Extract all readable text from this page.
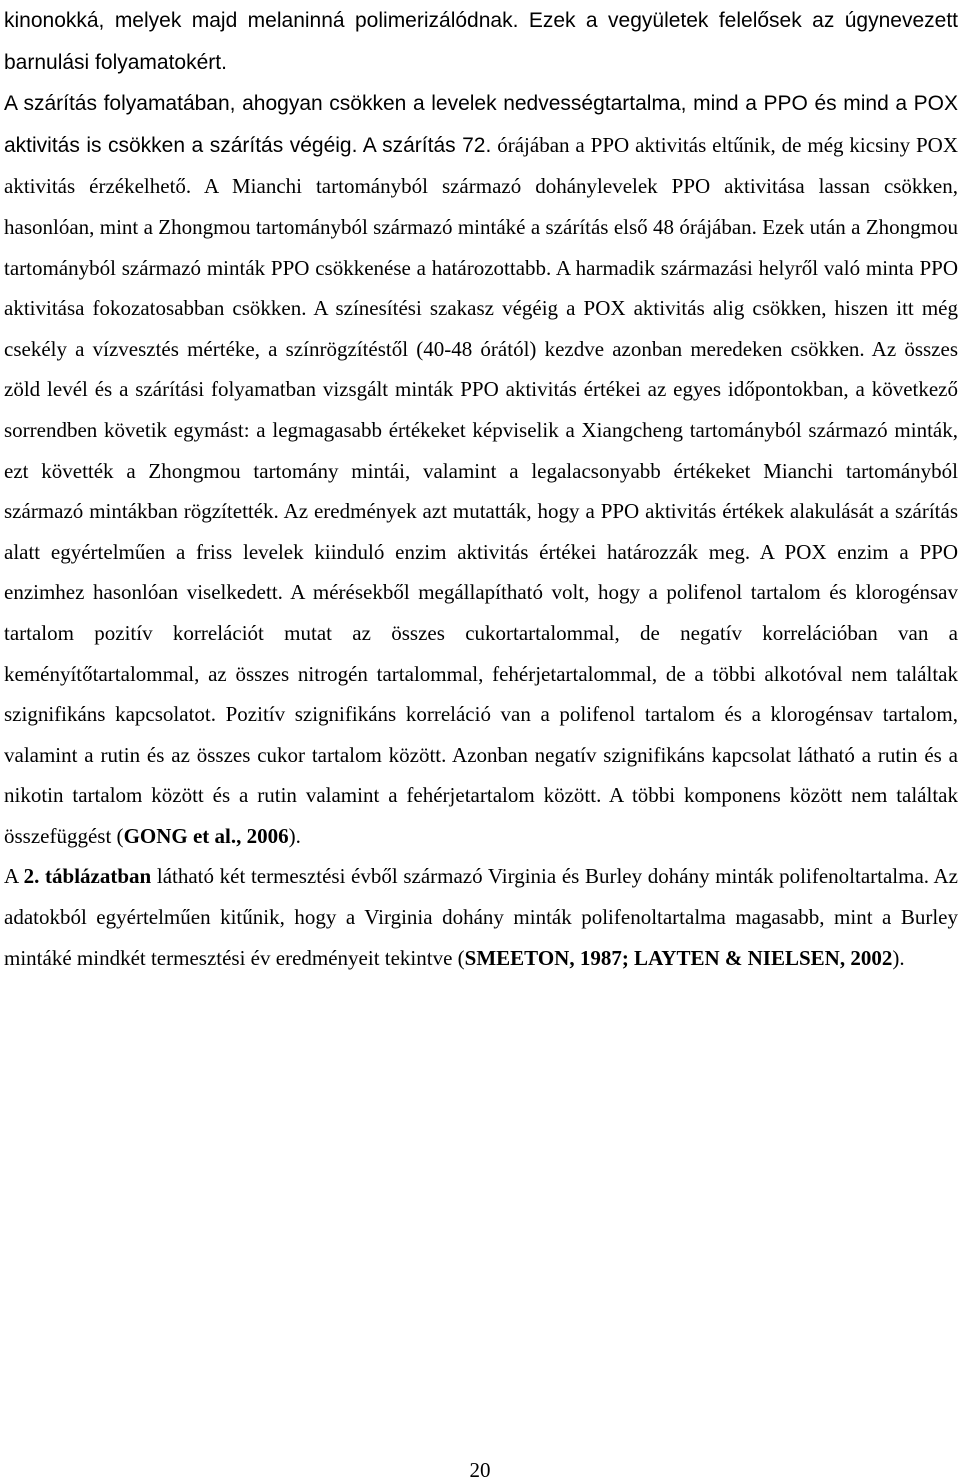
kinonokká, melyek majd melaninná polimerizálódnak. Ezek a vegyületek felelősek az úgynevezett barnulási folyamatokért.
A szárítás folyamatában, ahogyan csökken a levelek nedvességtartalma, mind a PPO és mind a POX aktivitás is csökken a szárítás végéig. A szárítás 72. órájában a PPO aktivitás eltűnik, de még kicsiny POX aktivitás érzékelhető. A Mianchi tartományból származó dohánylevelek PPO aktivitása lassan csökken, hasonlóan, mint a Zhongmou tartományból származó mintáké a szárítás első 48 órájában. Ezek után a Zhongmou tartományból származó minták PPO csökkenése a határozottabb. A harmadik származási helyről való minta PPO aktivitása fokozatosabban csökken. A színesítési szakasz végéig a POX aktivitás alig csökken, hiszen itt még csekély a vízvesztés mértéke, a színrögzítéstől (40-48 órától) kezdve azonban meredeken csökken. Az összes zöld levél és a szárítási folyamatban vizsgált minták PPO aktivitás értékei az egyes időpontokban, a következő sorrendben követik egymást: a legmagasabb értékeket képviselik a Xiangcheng tartományból származó minták, ezt követték a Zhongmou tartomány mintái, valamint a legalacsonyabb értékeket Mianchi tartományból származó mintákban rögzítették. Az eredmények azt mutatták, hogy a PPO aktivitás értékek alakulását a szárítás alatt egyértelműen a friss levelek kiinduló enzim aktivitás értékei határozzák meg. A POX enzim a PPO enzimhez hasonlóan viselkedett. A mérésekből megállapítható volt, hogy a polifenol tartalom és klorogénsav tartalom pozitív korrelációt mutat az összes cukortartalommal, de negatív korrelációban van a keményítőtartalommal, az összes nitrogén tartalommal, fehérjetartalommal, de a többi alkotóval nem találtak szignifikáns kapcsolatot. Pozitív szignifikáns korreláció van a polifenol tartalom és a klorogénsav tartalom, valamint a rutin és az összes cukor tartalom között. Azonban negatív szignifikáns kapcsolat látható a rutin és a nikotin tartalom között és a rutin valamint a fehérjetartalom között. A többi komponens között nem találtak összefüggést (GONG et al., 2006).

A 2. táblázatban látható két termesztési évből származó Virginia és Burley dohány minták polifenoltartalma. Az adatokból egyértelműen kitűnik, hogy a Virginia dohány minták polifenoltartalma magasabb, mint a Burley mintáké mindkét termesztési év eredményeit tekintve (SMEETON, 1987; LAYTEN & NIELSEN, 2002).

20
